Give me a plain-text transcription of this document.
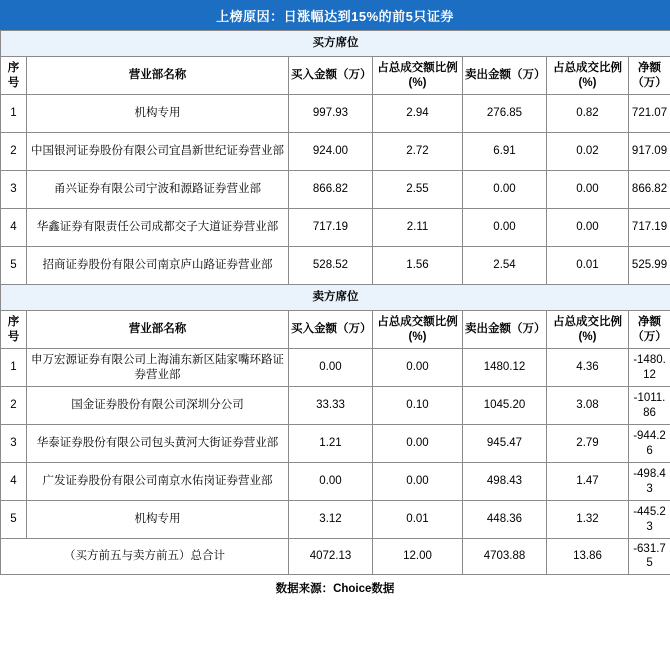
上榜原因：日涨幅达到15%的前5只证券
买方席位						
序号	营业部名称	买入金额（万）	占总成交额比例(%)	卖出金额（万）	占总成交比例(%)	净额（万）
1	机构专用	997.93	2.94	276.85	0.82	721.07
2	中国银河证券股份有限公司宜昌新世纪证券营业部	924.00	2.72	6.91	0.02	917.09
3	甬兴证券有限公司宁波和源路证券营业部	866.82	2.55	0.00	0.00	866.82
4	华鑫证券有限责任公司成都交子大道证券营业部	717.19	2.11	0.00	0.00	717.19
5	招商证券股份有限公司南京庐山路证券营业部	528.52	1.56	2.54	0.01	525.99
卖方席位						
序号	营业部名称	买入金额（万）	占总成交额比例(%)	卖出金额（万）	占总成交比例(%)	净额（万）
1	申万宏源证券有限公司上海浦东新区陆家嘴环路证券营业部	0.00	0.00	1480.12	4.36	-1480.12
2	国金证券股份有限公司深圳分公司	33.33	0.10	1045.20	3.08	-1011.86
3	华泰证券股份有限公司包头黄河大街证券营业部	1.21	0.00	945.47	2.79	-944.26
4	广发证券股份有限公司南京水佑岗证券营业部	0.00	0.00	498.43	1.47	-498.43
5	机构专用	3.12	0.01	448.36	1.32	-445.23
（买方前五与卖方前五）总合计		4072.13	12.00	4703.88	13.86	-631.75
数据来源：Choice数据
